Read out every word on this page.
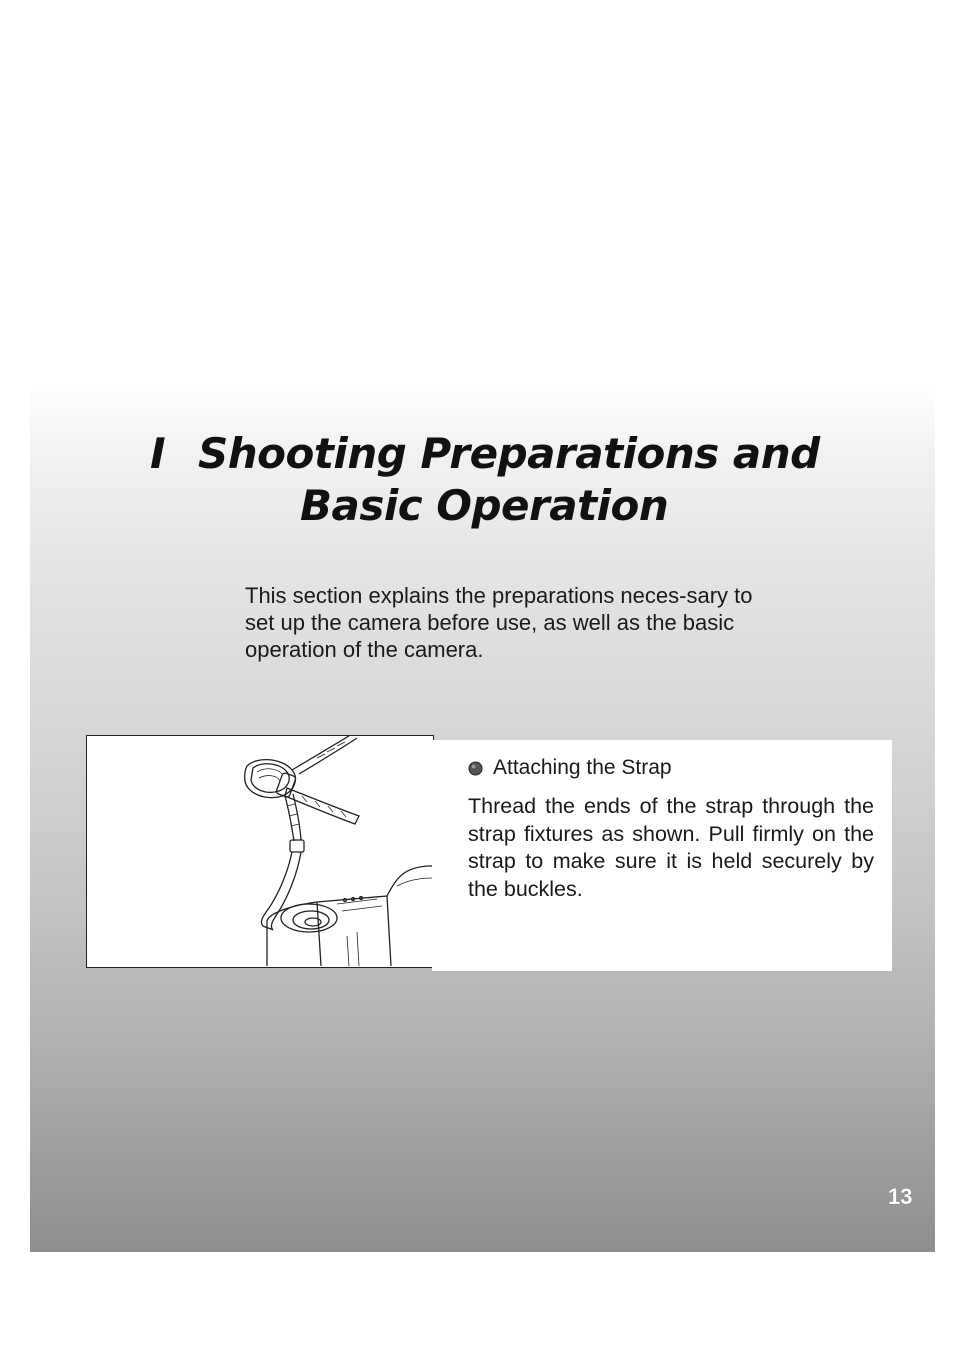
I Shooting Preparations and
Basic Operation

This section explains the preparations neces-sary to set up the camera before use, as well as the basic operation of the camera.

Attaching the Strap

Thread the ends of the strap through the strap fixtures as shown. Pull firmly on the strap to make sure it is held securely by the buckles.

13
